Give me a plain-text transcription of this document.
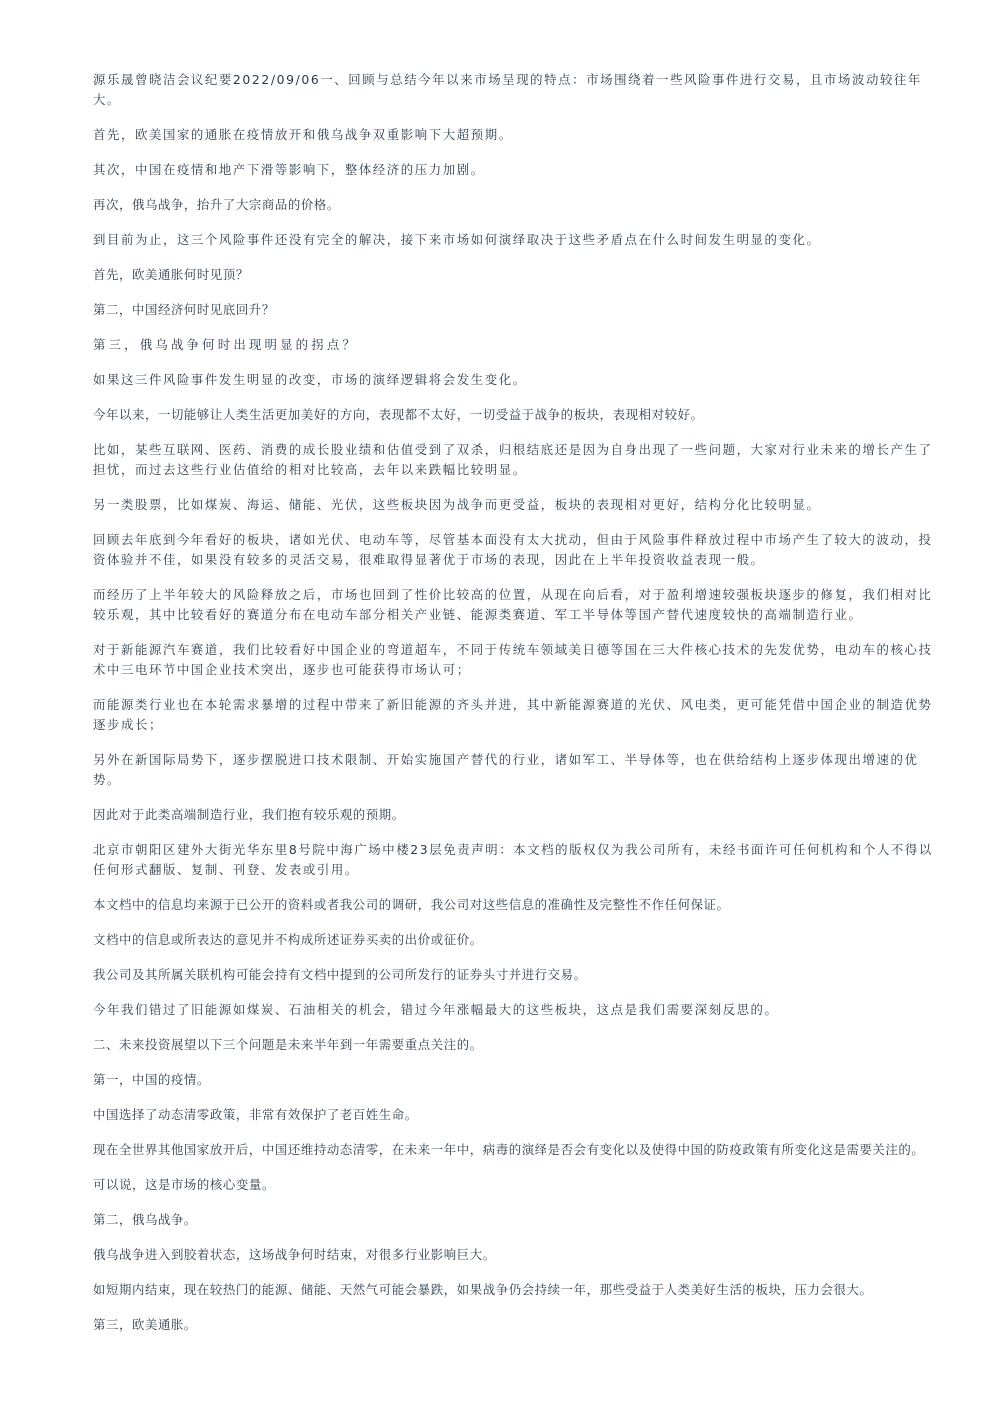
源乐晟曾晓洁会议纪要2022/09/06一、回顾与总结今年以来市场呈现的特点：市场围绕着一些风险事件进行交易，且市场波动较往年大。

首先，欧美国家的通胀在疫情放开和俄乌战争双重影响下大超预期。

其次，中国在疫情和地产下滑等影响下，整体经济的压力加剧。

再次，俄乌战争，抬升了大宗商品的价格。

到目前为止，这三个风险事件还没有完全的解决，接下来市场如何演绎取决于这些矛盾点在什么时间发生明显的变化。

首先，欧美通胀何时见顶？

第二，中国经济何时见底回升？

第三，俄乌战争何时出现明显的拐点？

如果这三件风险事件发生明显的改变，市场的演绎逻辑将会发生变化。

今年以来，一切能够让人类生活更加美好的方向，表现都不太好，一切受益于战争的板块，表现相对较好。

比如，某些互联网、医药、消费的成长股业绩和估值受到了双杀，归根结底还是因为自身出现了一些问题，大家对行业未来的增长产生了担忧，而过去这些行业估值给的相对比较高，去年以来跌幅比较明显。

另一类股票，比如煤炭、海运、储能、光伏，这些板块因为战争而更受益，板块的表现相对更好，结构分化比较明显。

回顾去年底到今年看好的板块，诸如光伏、电动车等，尽管基本面没有太大扰动，但由于风险事件释放过程中市场产生了较大的波动，投资体验并不佳，如果没有较多的灵活交易，很难取得显著优于市场的表现，因此在上半年投资收益表现一般。

而经历了上半年较大的风险释放之后，市场也回到了性价比较高的位置，从现在向后看，对于盈利增速较强板块逐步的修复，我们相对比较乐观，其中比较看好的赛道分布在电动车部分相关产业链、能源类赛道、军工半导体等国产替代速度较快的高端制造行业。

对于新能源汽车赛道，我们比较看好中国企业的弯道超车，不同于传统车领域美日德等国在三大件核心技术的先发优势，电动车的核心技术中三电环节中国企业技术突出，逐步也可能获得市场认可；

而能源类行业也在本轮需求暴增的过程中带来了新旧能源的齐头并进，其中新能源赛道的光伏、风电类，更可能凭借中国企业的制造优势逐步成长；

另外在新国际局势下，逐步摆脱进口技术限制、开始实施国产替代的行业，诸如军工、半导体等，也在供给结构上逐步体现出增速的优势。

因此对于此类高端制造行业，我们抱有较乐观的预期。

北京市朝阳区建外大街光华东里8号院中海广场中楼23层免责声明：本文档的版权仅为我公司所有，未经书面许可任何机构和个人不得以任何形式翻版、复制、刊登、发表或引用。

本文档中的信息均来源于已公开的资料或者我公司的调研，我公司对这些信息的准确性及完整性不作任何保证。

文档中的信息或所表达的意见并不构成所述证券买卖的出价或征价。

我公司及其所属关联机构可能会持有文档中提到的公司所发行的证券头寸并进行交易。

今年我们错过了旧能源如煤炭、石油相关的机会，错过今年涨幅最大的这些板块，这点是我们需要深刻反思的。

二、未来投资展望以下三个问题是未来半年到一年需要重点关注的。

第一，中国的疫情。

中国选择了动态清零政策，非常有效保护了老百姓生命。

现在全世界其他国家放开后，中国还维持动态清零，在未来一年中，病毒的演绎是否会有变化以及使得中国的防疫政策有所变化这是需要关注的。

可以说，这是市场的核心变量。

第二，俄乌战争。

俄乌战争进入到胶着状态，这场战争何时结束，对很多行业影响巨大。

如短期内结束，现在较热门的能源、储能、天然气可能会暴跌，如果战争仍会持续一年，那些受益于人类美好生活的板块，压力会很大。

第三，欧美通胀。
